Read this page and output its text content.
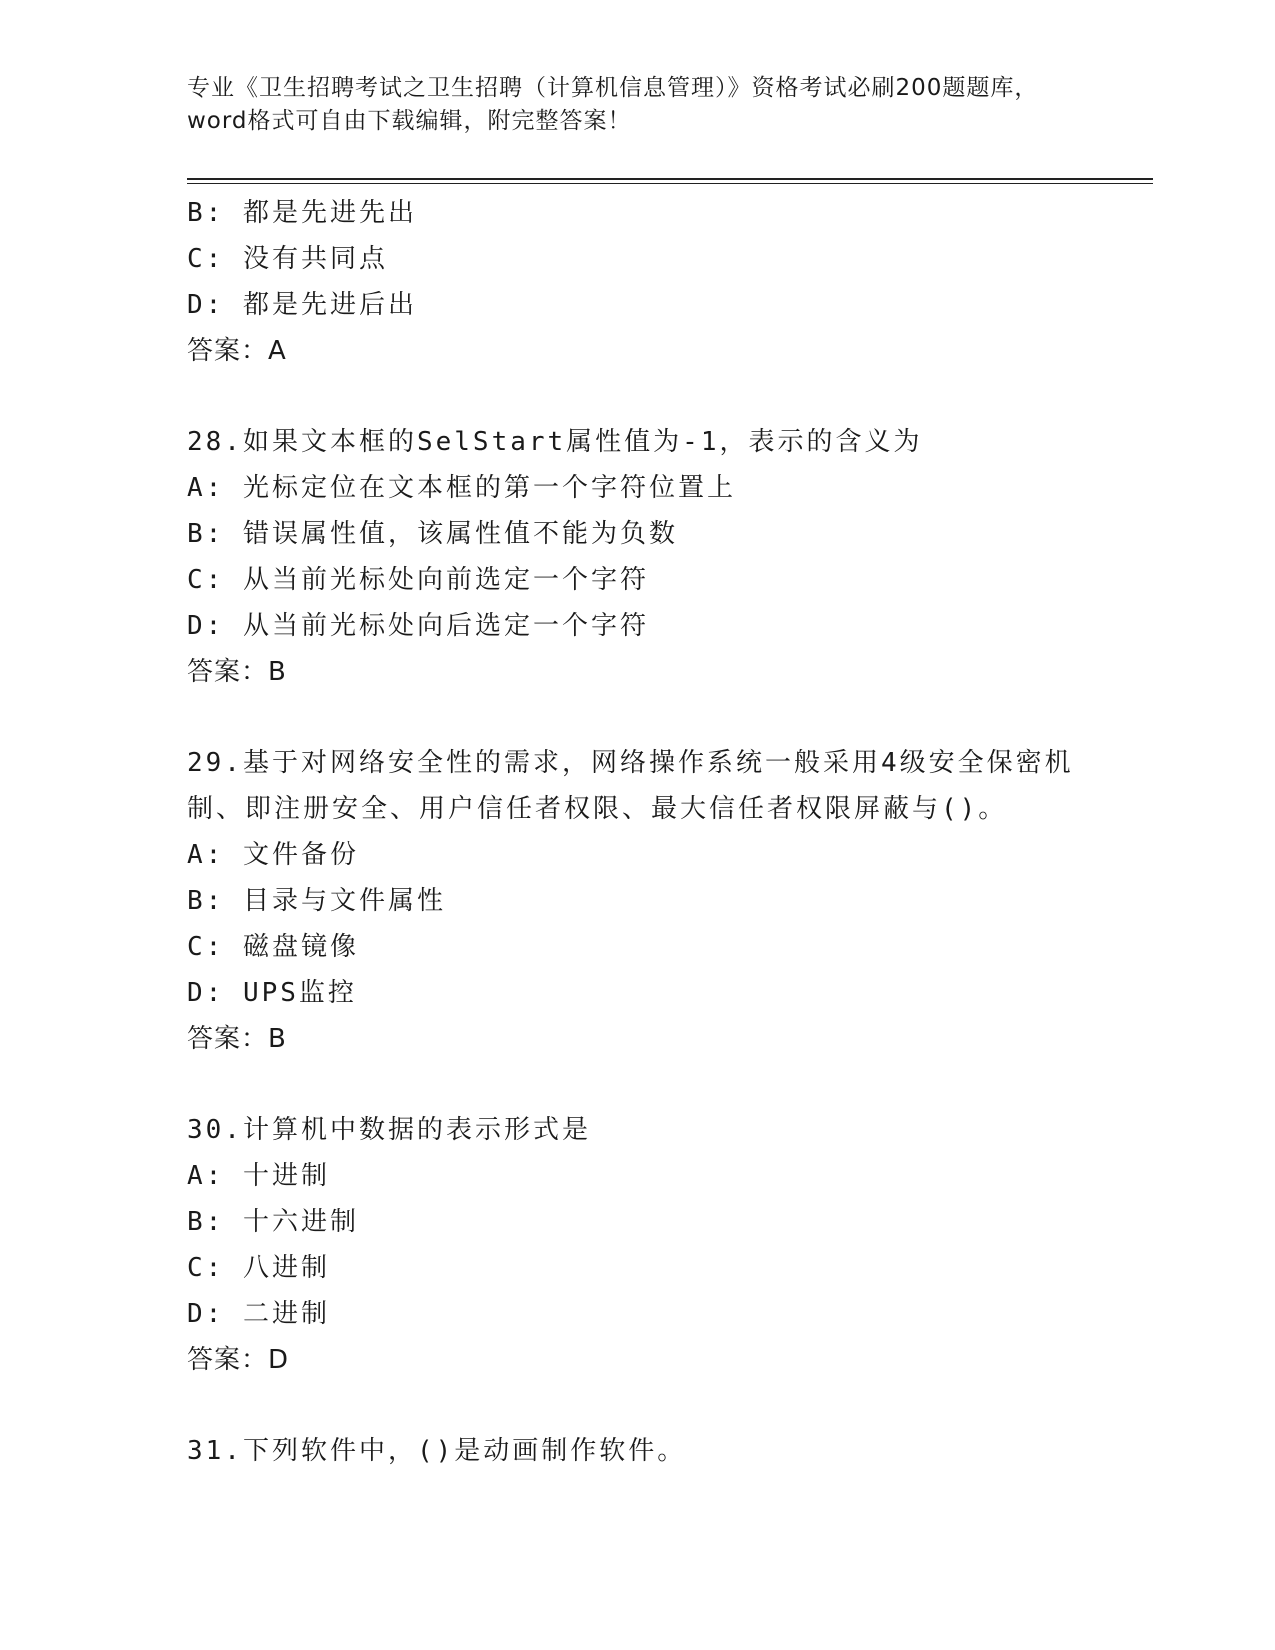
专业《卫生招聘考试之卫生招聘（计算机信息管理）》资格考试必刷200题题库，
word格式可自由下载编辑，附完整答案！
B: 都是先进先出
C: 没有共同点
D: 都是先进后出
答案：A
28.如果文本框的SelStart属性值为-1，表示的含义为
A: 光标定位在文本框的第一个字符位置上
B: 错误属性值，该属性值不能为负数
C: 从当前光标处向前选定一个字符
D: 从当前光标处向后选定一个字符
答案：B
29.基于对网络安全性的需求，网络操作系统一般采用4级安全保密机
制、即注册安全、用户信任者权限、最大信任者权限屏蔽与()。
A: 文件备份
B: 目录与文件属性
C: 磁盘镜像
D: UPS监控
答案：B
30.计算机中数据的表示形式是
A: 十进制
B: 十六进制
C: 八进制
D: 二进制
答案：D
31.下列软件中，()是动画制作软件。
